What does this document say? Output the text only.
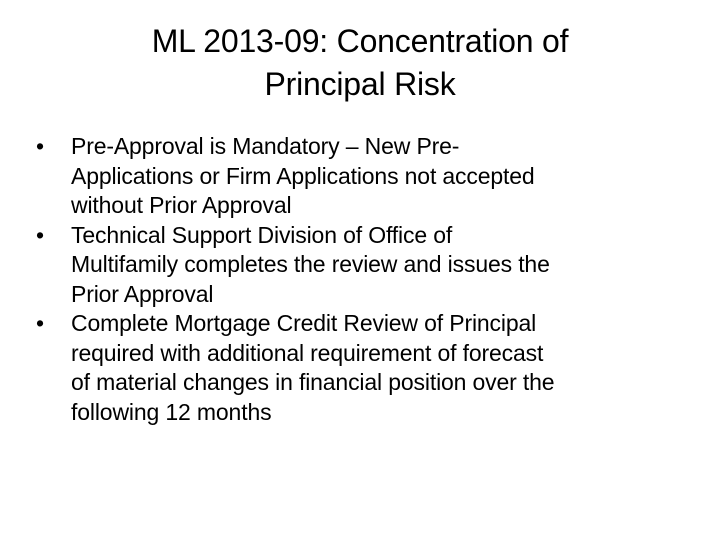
ML 2013-09: Concentration of
Principal Risk
•	Pre-Approval is Mandatory – New Pre-
Applications or Firm Applications not accepted
without Prior Approval
•	Technical Support Division of Office of
Multifamily completes the review and issues the
Prior Approval
•	Complete Mortgage Credit Review of Principal
required with additional requirement of forecast
of material changes in financial position over the
following 12 months
